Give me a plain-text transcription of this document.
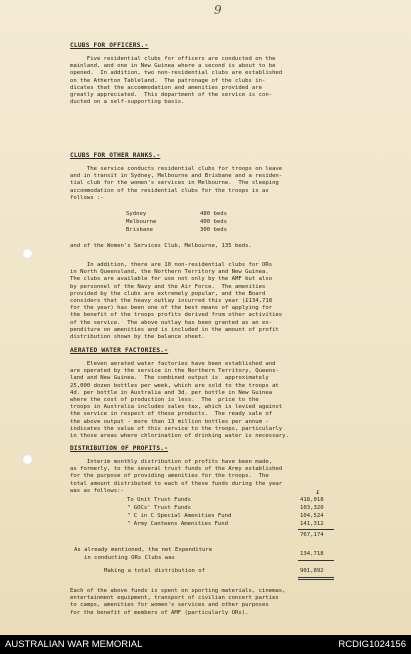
9
CLUBS FOR OFFICERS.-
Five residential clubs for officers are conducted on the
mainland, and one in New Guinea where a second is about to be
opened.  In addition, two non-residential clubs are established
on the Atherton Tableland.  The patronage of the clubs in-
dicates that the accommodation and amenities provided are
greatly appreciated.  This department of the service is con-
ducted on a self-supporting basis.
CLUBS FOR OTHER RANKS.-
The service conducts residential clubs for troops on leave
and in transit in Sydney, Melbourne and Brisbane and a residen-
tial club for the women's services in Melbourne.  The sleeping
accommodation of the residential clubs for the troops is as
follows :-
Sydney	480 beds
Melbourne	400 beds
Brisbane	300 beds
and of the Women's Services Club, Melbourne, 135 beds.
In addition, there are 10 non-residential clubs for ORs
in North Queensland, the Northern Territory and New Guinea.
The clubs are available for use not only by the AMF but also
by personnel of the Navy and the Air Force.  The amenities
provided by the clubs are extremely popular, and the Board
considers that the heavy outlay incurred this year (£134,718
for the year) has been one of the best means of applying for
the benefit of the troops profits derived from other activities
of the service.  The above outlay has been granted as an ex-
penditure on amenities and is included in the amount of profit
distribution shown by the balance sheet.
AERATED WATER FACTORIES.-
Eleven aerated water factories have been established and
are operated by the service in the Northern Territory, Queens-
land and New Guinea.  The combined output is  approximately
25,000 dozen bottles per week, which are sold to the troops at
4d. per bottle in Australia and 3d. per bottle in New Guinea
where the cost of production is less.  The  price to the
troops in Australia includes sales tax, which is levied against
the service in respect of these products.  The ready sale of
the above output - more than 13 million bottles per annum -
indicates the value of this service to the troops, particularly
in those areas where chlorination of drinking water is necessary.
DISTRIBUTION OF PROFITS.-
Interim monthly distribution of profits have been made,
as formerly, to the several trust funds of the Army established
for the purpose of providing amenities for the troops.  The
total amount distributed to each of these funds during the year
was as follows:-	£
To Unit Trust Funds	418,018
" GOCs' Trust Funds	103,320
" C in C Special Amenities Fund	104,524
" Army Canteens Amenities Fund	141,312
767,174
As already mentioned, the net Expenditure
in conducting ORs Clubs was
134,718
Making a total distribution of	901,892
Each of the above funds is spent on sporting materials, cinemas,
entertainment equipment, transport of civilian concert parties
to camps, amenities for women's services and other purposes
for the benefit of members of AMF (particularly ORs).
AUSTRALIAN WAR MEMORIAL	RCDIG1024156
